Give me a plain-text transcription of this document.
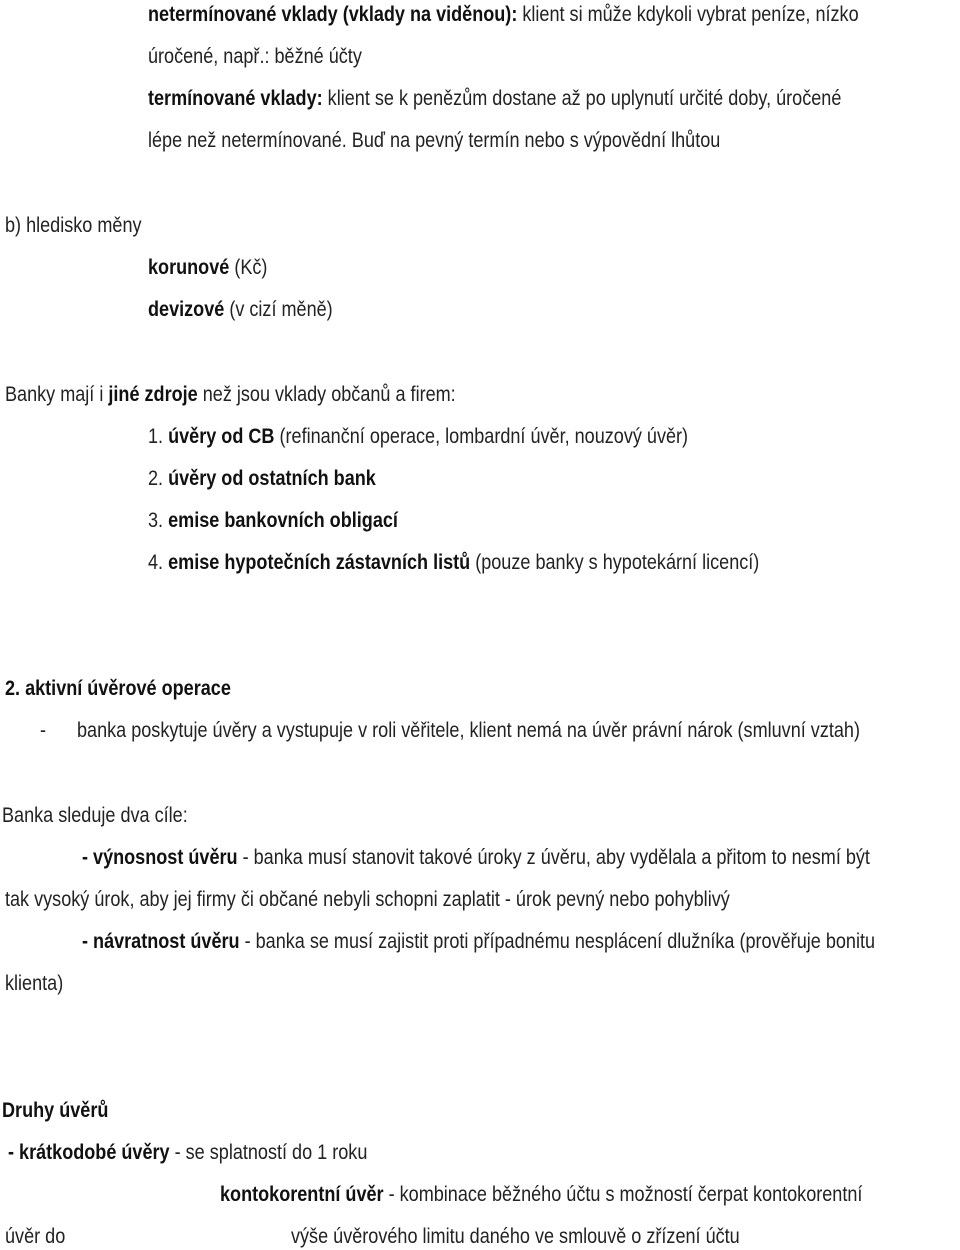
netermínované vklady (vklady na viděnou): klient si může kdykoli vybrat peníze, nízko
úročené, např.: běžné účty
termínované vklady: klient se k penězům dostane až po uplynutí určité doby, úročené
lépe než netermínované. Buď na pevný termín nebo s výpovědní lhůtou
b) hledisko měny
korunové (Kč)
devizové (v cizí měně)
Banky mají i jiné zdroje než jsou vklady občanů a firem:
1. úvěry od CB (refinanční operace, lombardní úvěr, nouzový úvěr)
2. úvěry od ostatních bank
3. emise bankovních obligací
4. emise hypotečních zástavních listů (pouze banky s hypotekární licencí)
2. aktivní úvěrové operace
- banka poskytuje úvěry a vystupuje v roli věřitele, klient nemá na úvěr právní nárok (smluvní vztah)
Banka sleduje dva cíle:
- výnosnost úvěru - banka musí stanovit takové úroky z úvěru, aby vydělala a přitom to nesmí být
tak vysoký úrok, aby jej firmy či občané nebyli schopni zaplatit - úrok pevný nebo pohyblivý
- návratnost úvěru - banka se musí zajistit proti případnému nesplácení dlužníka (prověřuje bonitu
klienta)
Druhy úvěrů
- krátkodobé úvěry - se splatností do 1 roku
kontokorentní úvěr - kombinace běžného účtu s možností čerpat kontokorentní
úvěr do	výše úvěrového limitu daného ve smlouvě o zřízení účtu
